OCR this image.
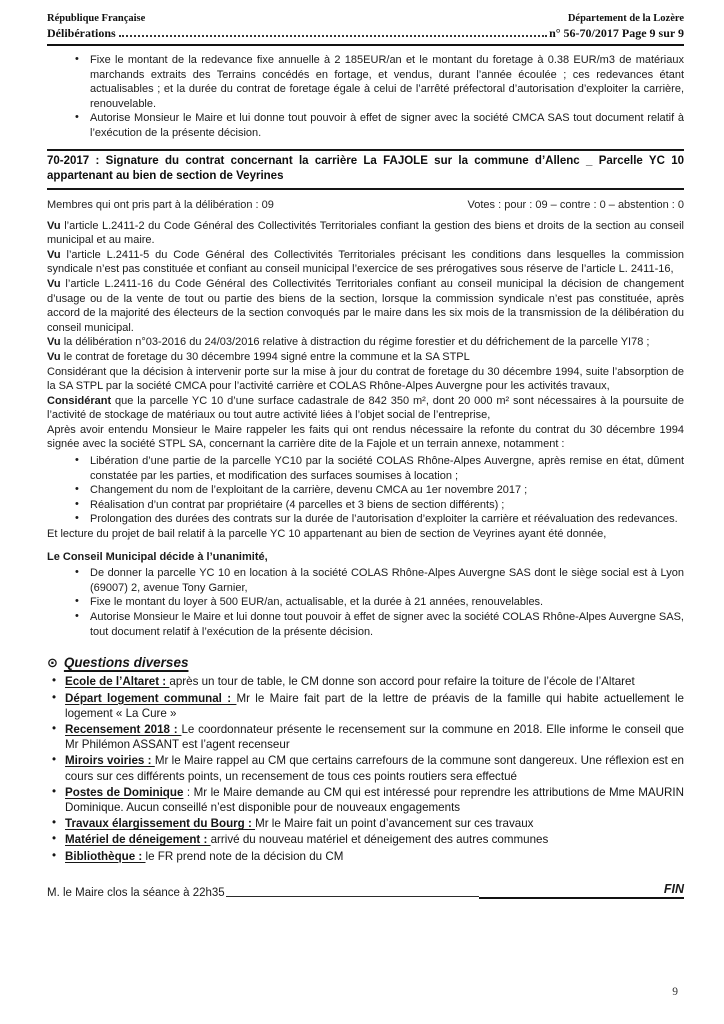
République Française	Département de la Lozère
Délibérations	n° 56-70/2017 Page 9 sur 9
• Fixe le montant de la redevance fixe annuelle à 2 185EUR/an et le montant du foretage à 0.38 EUR/m3 de matériaux marchands extraits des Terrains concédés en fortage, et vendus, durant l’année écoulée ; ces redevances étant actualisables ; et la durée du contrat de foretage égale à celui de l’arrêté préfectoral d’autorisation d’exploiter la carrière, renouvelable.
• Autorise Monsieur le Maire et lui donne tout pouvoir à effet de signer avec la société CMCA SAS tout document relatif à l’exécution de la présente décision.
70-2017 : Signature du contrat concernant la carrière La FAJOLE sur la commune d’Allenc _ Parcelle YC 10 appartenant au bien de section de Veyrines
Membres qui ont pris part à la délibération : 09	Votes : pour : 09 – contre : 0 – abstention : 0

Vu l’article L.2411-2 du Code Général des Collectivités Territoriales confiant la gestion des biens et droits de la section au conseil municipal et au maire.

Vu l’article L.2411-5 du Code Général des Collectivités Territoriales précisant les conditions dans lesquelles la commission syndicale n’est pas constituée et confiant au conseil municipal l’exercice de ses prérogatives sous réserve de l’article L. 2411-16,

Vu l’article L.2411-16 du Code Général des Collectivités Territoriales confiant au conseil municipal la décision de changement d’usage ou de la vente de tout ou partie des biens de la section, lorsque la commission syndicale n’est pas constituée, après accord de la majorité des électeurs de la section convoqués par le maire dans les six mois de la transmission de la délibération du conseil municipal.

Vu la délibération n°03-2016 du 24/03/2016 relative à distraction du régime forestier et du défrichement de la parcelle YI78 ;

Vu le contrat de foretage du 30 décembre 1994 signé entre la commune et la SA STPL

Considérant que la décision à intervenir porte sur la mise à jour du contrat de foretage du 30 décembre 1994, suite l’absorption de la SA STPL par la société CMCA pour l’activité carrière et COLAS Rhône-Alpes Auvergne pour les activités travaux,

Considérant que la parcelle YC 10 d’une surface cadastrale de 842 350 m², dont 20 000 m² sont nécessaires à la poursuite de l’activité de stockage de matériaux ou tout autre activité liées à l’objet social de l’entreprise,

Après avoir entendu Monsieur le Maire rappeler les faits qui ont rendus nécessaire la refonte du contrat du 30 décembre 1994 signée avec la société STPL SA, concernant la carrière dite de la Fajole et un terrain annexe, notamment :

• Libération d’une partie de la parcelle YC10 par la société COLAS Rhône-Alpes Auvergne, après remise en état, dûment constatée par les parties, et modification des surfaces soumises à location ;
• Changement du nom de l’exploitant de la carrière, devenu CMCA au 1er novembre 2017 ;
• Réalisation d’un contrat par propriétaire (4 parcelles et 3 biens de section différents) ;
• Prolongation des durées des contrats sur la durée de l’autorisation d’exploiter la carrière et réévaluation des redevances.

Et lecture du projet de bail relatif à la parcelle YC 10 appartenant au bien de section de Veyrines ayant été donnée,

Le Conseil Municipal décide à l’unanimité,

• De donner la parcelle YC 10 en location à la société COLAS Rhône-Alpes Auvergne SAS dont le siège social est à Lyon (69007) 2, avenue Tony Garnier,
• Fixe le montant du loyer à 500 EUR/an, actualisable, et la durée à 21 années, renouvelables.
• Autorise Monsieur le Maire et lui donne tout pouvoir à effet de signer avec la société COLAS Rhône-Alpes Auvergne SAS, tout document relatif à l’exécution de la présente décision.
⊙ Questions diverses
• Ecole de l’Altaret : après un tour de table, le CM donne son accord pour refaire la toiture de l’école de l’Altaret
• Départ logement communal : Mr le Maire fait part de la lettre de préavis de la famille qui habite actuellement le logement « La Cure »
• Recensement 2018 : Le coordonnateur présente le recensement sur la commune en 2018. Elle informe le conseil que Mr Philémon ASSANT est l’agent recenseur
• Miroirs voiries : Mr le Maire rappel au CM que certains carrefours de la commune sont dangereux. Une réflexion est en cours sur ces différents points, un recensement de tous ces points routiers sera effectué
• Postes de Dominique : Mr le Maire demande au CM qui est intéressé pour reprendre les attributions de Mme MAURIN Dominique. Aucun conseillé n’est disponible pour de nouveaux engagements
• Travaux élargissement du Bourg : Mr le Maire fait un point d’avancement sur ces travaux
• Matériel de déneigement : arrivé du nouveau matériel et déneigement des autres communes
• Bibliothèque : le FR prend note de la décision du CM
M. le Maire clos la séance à 22h35	FIN
9
